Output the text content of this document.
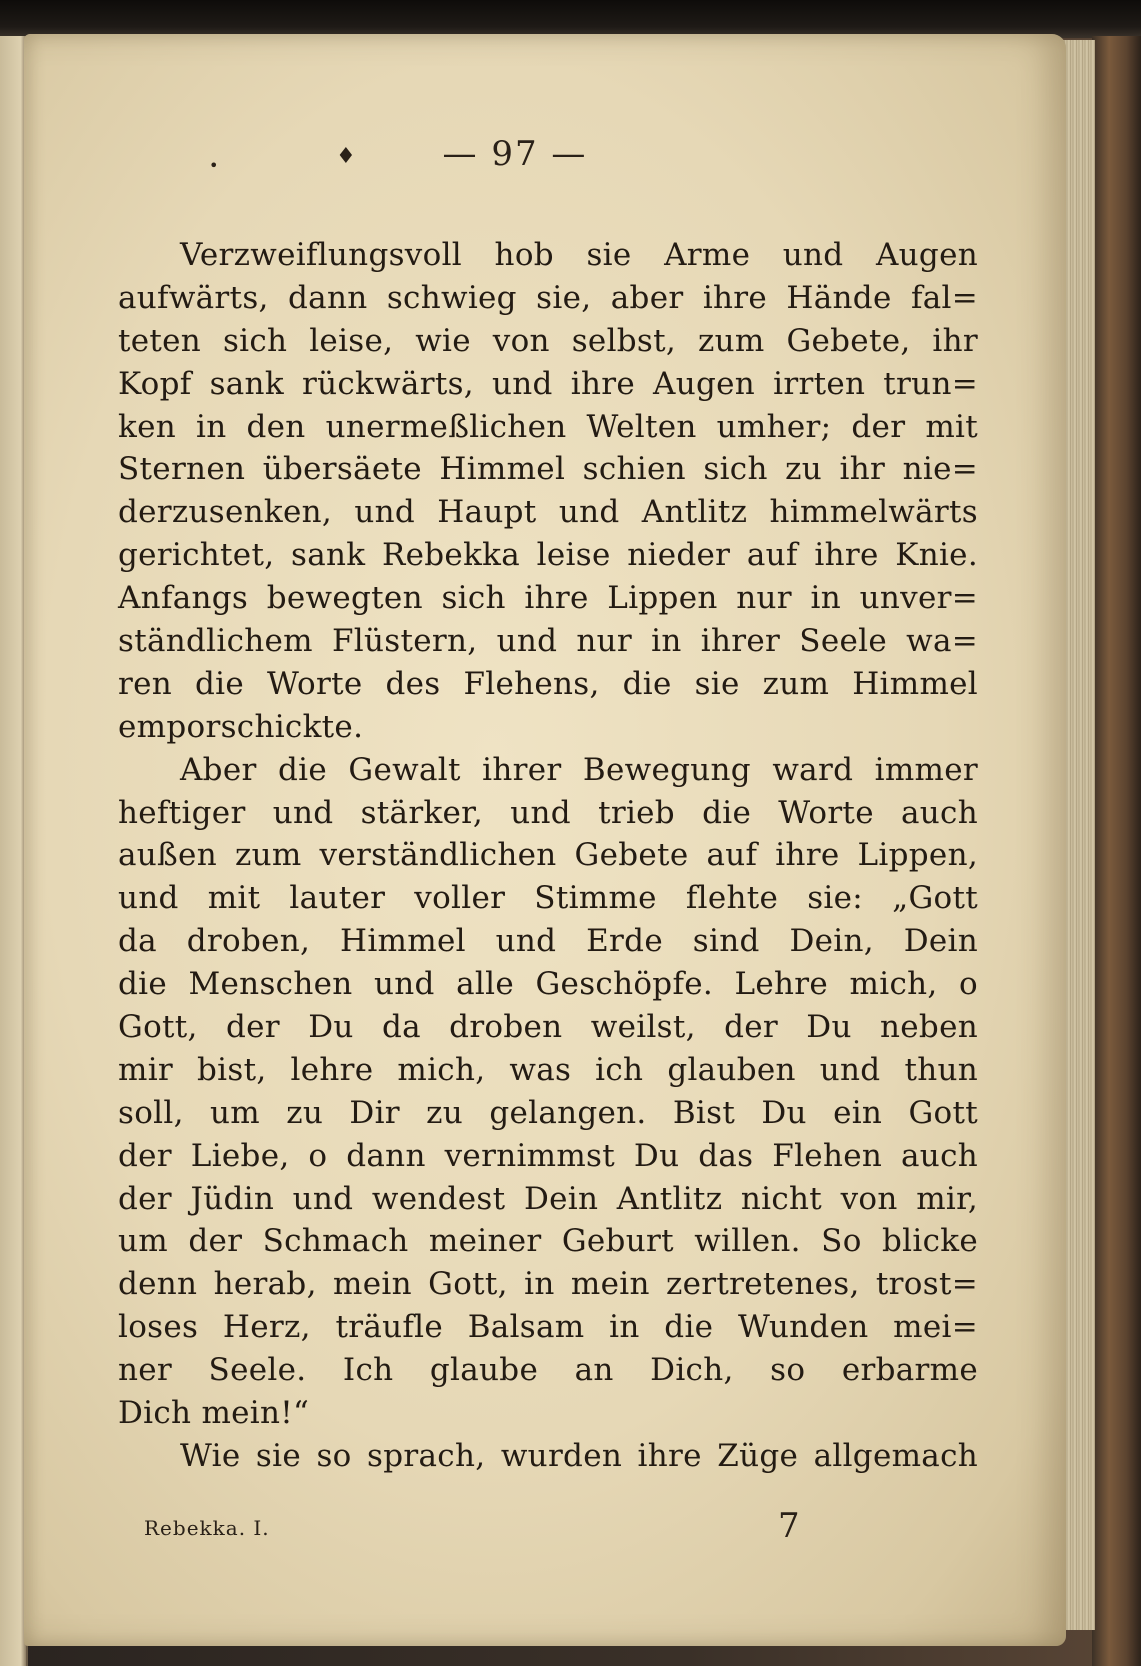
•	♦	— 97 —
Verzweiflungsvoll hob sie Arme und Augen
aufwärts, dann schwieg sie, aber ihre Hände fal=
teten sich leise, wie von selbst, zum Gebete, ihr
Kopf sank rückwärts, und ihre Augen irrten trun=
ken in den unermeßlichen Welten umher; der mit
Sternen übersäete Himmel schien sich zu ihr nie=
derzusenken, und Haupt und Antlitz himmelwärts
gerichtet, sank Rebekka leise nieder auf ihre Knie.
Anfangs bewegten sich ihre Lippen nur in unver=
ständlichem Flüstern, und nur in ihrer Seele wa=
ren die Worte des Flehens, die sie zum Himmel
emporschickte.
Aber die Gewalt ihrer Bewegung ward immer
heftiger und stärker, und trieb die Worte auch
außen zum verständlichen Gebete auf ihre Lippen,
und mit lauter voller Stimme flehte sie: „Gott
da droben, Himmel und Erde sind Dein, Dein
die Menschen und alle Geschöpfe. Lehre mich, o
Gott, der Du da droben weilst, der Du neben
mir bist, lehre mich, was ich glauben und thun
soll, um zu Dir zu gelangen. Bist Du ein Gott
der Liebe, o dann vernimmst Du das Flehen auch
der Jüdin und wendest Dein Antlitz nicht von mir,
um der Schmach meiner Geburt willen. So blicke
denn herab, mein Gott, in mein zertretenes, trost=
loses Herz, träufle Balsam in die Wunden mei=
ner Seele. Ich glaube an Dich, so erbarme
Dich mein!“
Wie sie so sprach, wurden ihre Züge allgemach
Rebekka. I.	7
